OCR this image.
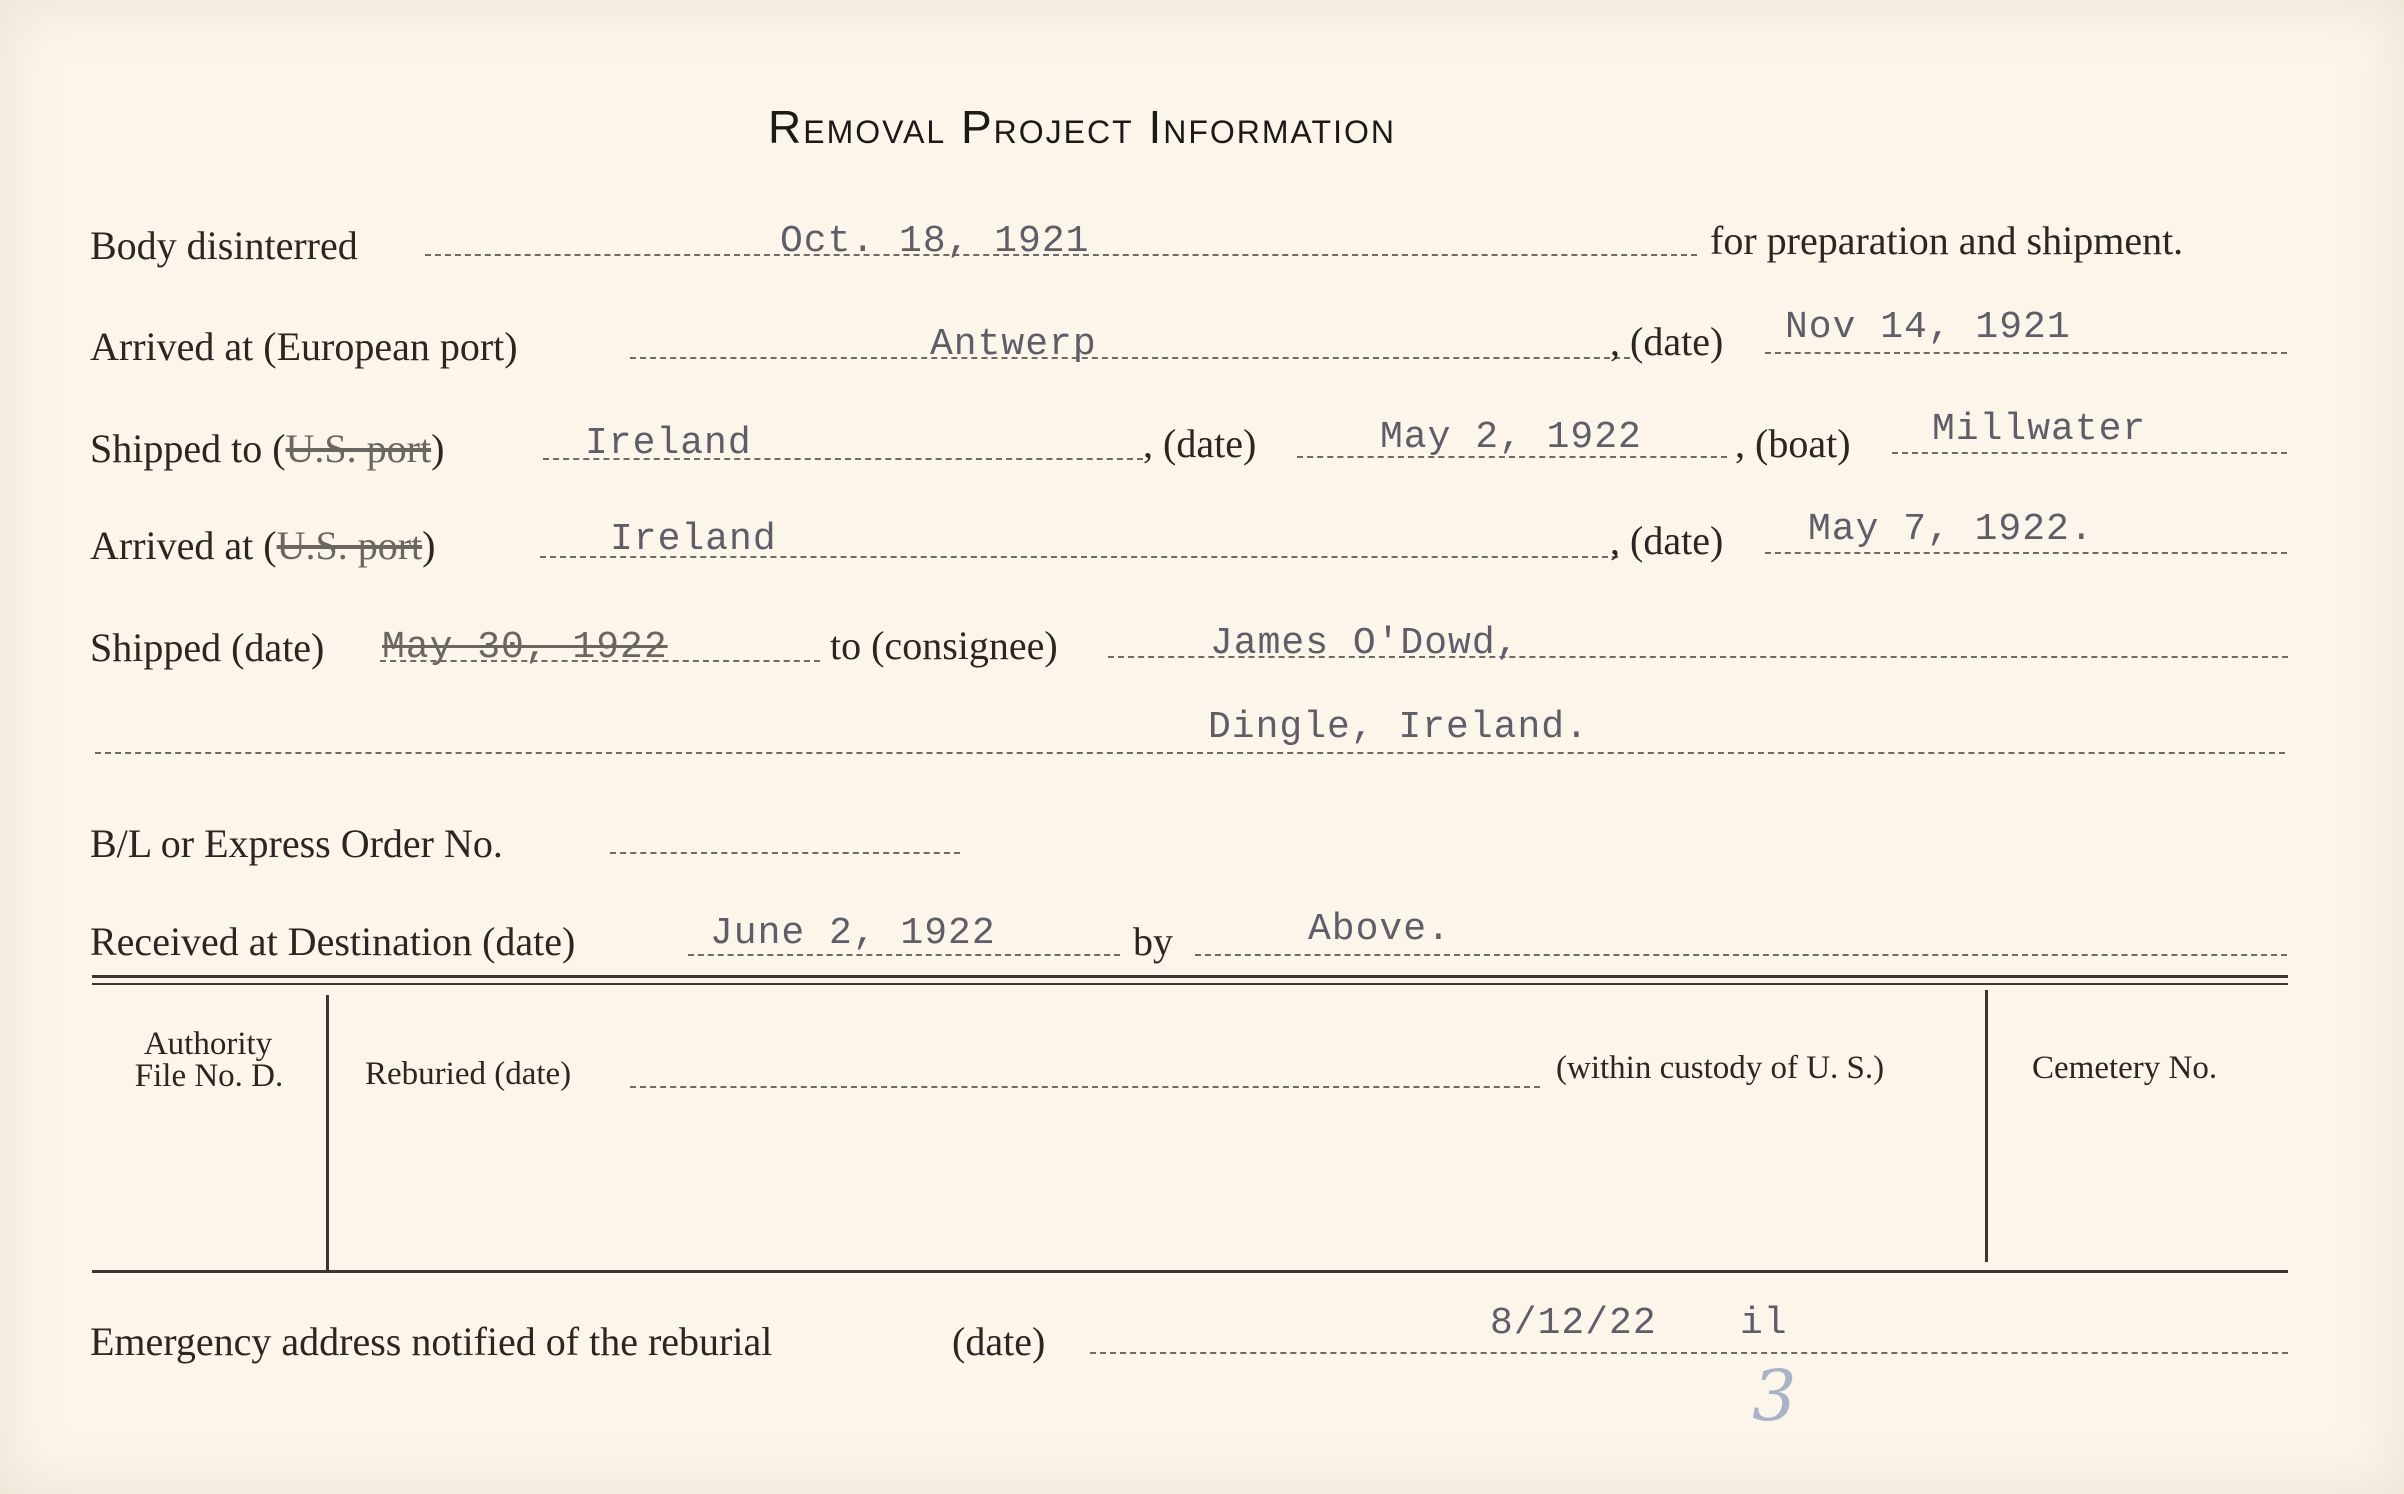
Removal Project Information
Body disinterred	Oct. 18, 1921	for preparation and shipment.
Arrived at (European port)	Antwerp	, (date) Nov 14, 1921
Shipped to (U.S. port)	Ireland	, (date)	May 2, 1922 , (boat) Millwater
Arrived at (U.S. port)	Ireland	, (date) May 7, 1922.
Shipped (date) May 30, 1922	to (consignee)	James O'Dowd,
Dingle, Ireland.
B/L or Express Order No.
Received at Destination (date)	June 2, 1922	by	Above.
Authority
File No. D.	Reburied (date)	(within custody of U. S.)	Cemetery No.
Emergency address notified of the reburial	(date)	8/12/22 il
3
